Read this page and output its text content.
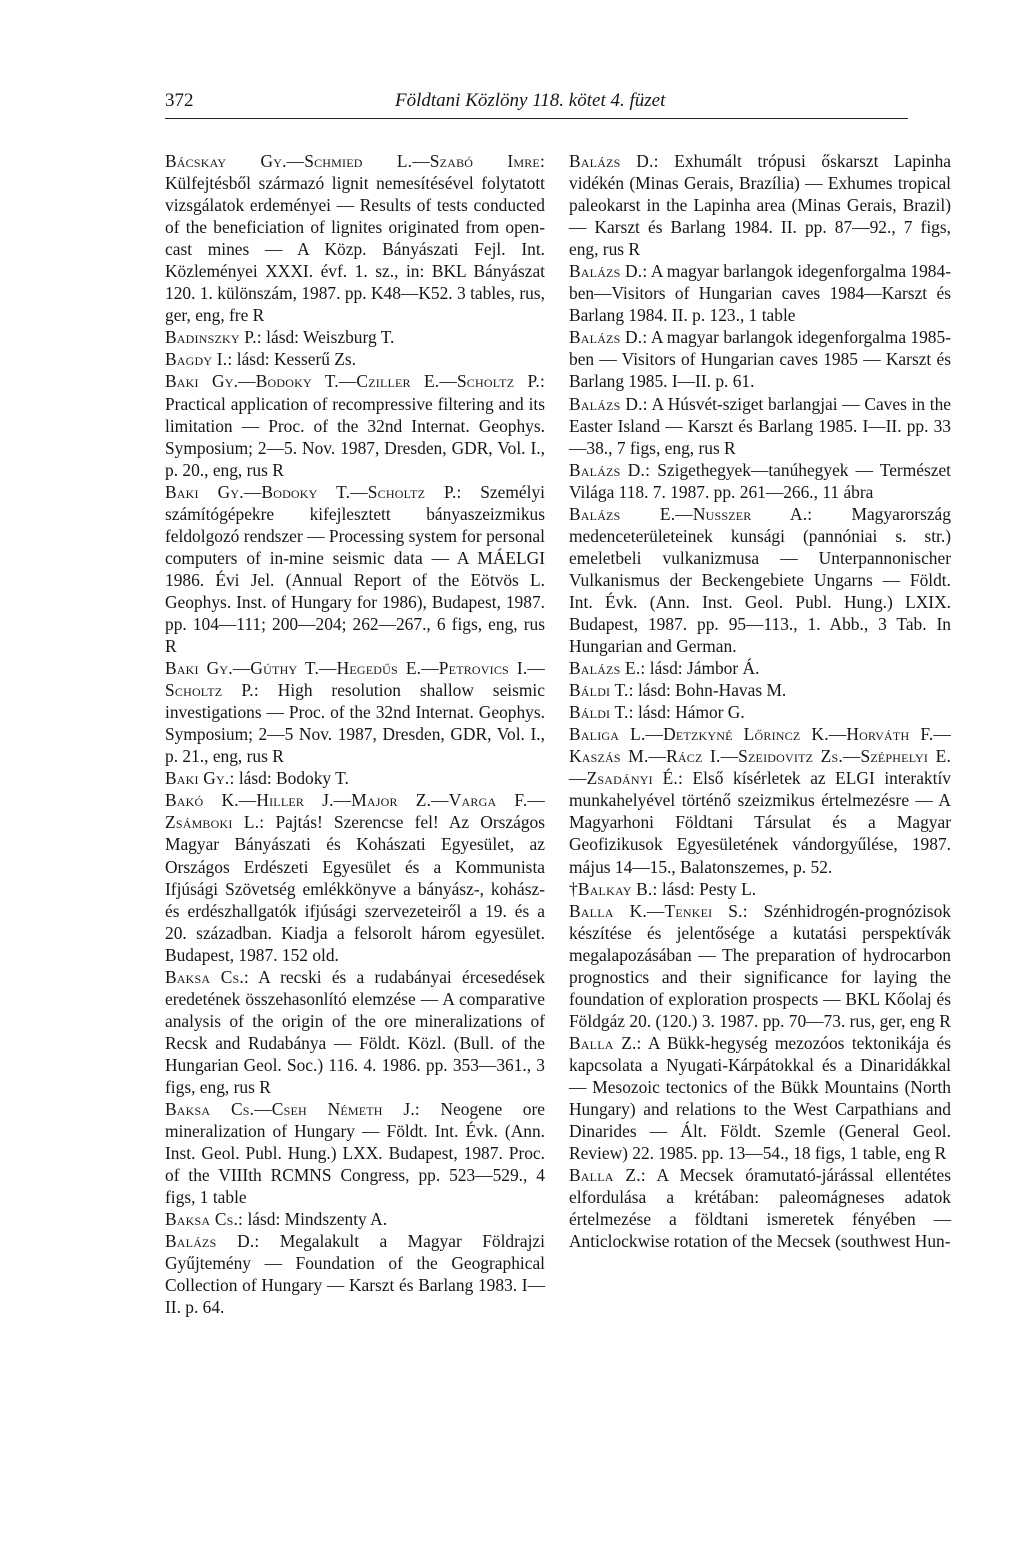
372	Földtani Közlöny 118. kötet 4. füzet

Bácskay Gy.—Schmied L.—Szabó Imre: Külfejtésből származó lignit nemesítésével folytatott vizsgálatok erdeményei — Results of tests conducted of the beneficiation of lignites originated from open-cast mines — A Közp. Bányászati Fejl. Int. Közleményei XXXI. évf. 1. sz., in: BKL Bányászat 120. 1. különszám, 1987. pp. K48—K52. 3 tables, rus, ger, eng, fre R

Badinszky P.: lásd: Weiszburg T.

Bagdy I.: lásd: Kesserű Zs.

Baki Gy.—Bodoky T.—Cziller E.—Scholtz P.: Practical application of recompressive filtering and its limitation — Proc. of the 32nd Internat. Geophys. Symposium; 2—5. Nov. 1987, Dresden, GDR, Vol. I., p. 20., eng, rus R

Baki Gy.—Bodoky T.—Scholtz P.: Személyi számítógépekre kifejlesztett bányaszeizmikus feldolgozó rendszer — Processing system for personal computers of in-mine seismic data — A MÁELGI 1986. Évi Jel. (Annual Report of the Eötvös L. Geophys. Inst. of Hungary for 1986), Budapest, 1987. pp. 104—111; 200—204; 262—267., 6 figs, eng, rus R

Baki Gy.—Gúthy T.—Hegedűs E.—Petrovics I.—Scholtz P.: High resolution shallow seismic investigations — Proc. of the 32nd Internat. Geophys. Symposium; 2—5 Nov. 1987, Dresden, GDR, Vol. I., p. 21., eng, rus R

Baki Gy.: lásd: Bodoky T.

Bakó K.—Hiller J.—Major Z.—Varga F.—Zsámboki L.: Pajtás! Szerencse fel! Az Országos Magyar Bányászati és Kohászati Egyesület, az Országos Erdészeti Egyesület és a Kommunista Ifjúsági Szövetség emlékkönyve a bányász-, kohász- és erdészhallgatók ifjúsági szervezeteiről a 19. és a 20. században. Kiadja a felsorolt három egyesület. Budapest, 1987. 152 old.

Baksa Cs.: A recski és a rudabányai ércesedések eredetének összehasonlító elemzése — A comparative analysis of the origin of the ore mineralizations of Recsk and Rudabánya — Földt. Közl. (Bull. of the Hungarian Geol. Soc.) 116. 4. 1986. pp. 353—361., 3 figs, eng, rus R

Baksa Cs.—Cseh Németh J.: Neogene ore mineralization of Hungary — Földt. Int. Évk. (Ann. Inst. Geol. Publ. Hung.) LXX. Budapest, 1987. Proc. of the VIIIth RCMNS Congress, pp. 523—529., 4 figs, 1 table

Baksa Cs.: lásd: Mindszenty A.

Balázs D.: Megalakult a Magyar Földrajzi Gyűjtemény — Foundation of the Geographical Collection of Hungary — Karszt és Barlang 1983. I—II. p. 64.

Balázs D.: Exhumált trópusi őskarszt Lapinha vidékén (Minas Gerais, Brazília) — Exhumes tropical paleokarst in the Lapinha area (Minas Gerais, Brazil) — Karszt és Barlang 1984. II. pp. 87—92., 7 figs, eng, rus R

Balázs D.: A magyar barlangok idegenforgalma 1984-ben—Visitors of Hungarian caves 1984—Karszt és Barlang 1984. II. p. 123., 1 table

Balázs D.: A magyar barlangok idegenforgalma 1985-ben — Visitors of Hungarian caves 1985 — Karszt és Barlang 1985. I—II. p. 61.

Balázs D.: A Húsvét-sziget barlangjai — Caves in the Easter Island — Karszt és Barlang 1985. I—II. pp. 33—38., 7 figs, eng, rus R

Balázs D.: Szigethegyek—tanúhegyek — Természet Világa 118. 7. 1987. pp. 261—266., 11 ábra

Balázs E.—Nusszer A.: Magyarország medenceterületeinek kunsági (pannóniai s. str.) emeletbeli vulkanizmusa — Unterpannonischer Vulkanismus der Beckengebiete Ungarns — Földt. Int. Évk. (Ann. Inst. Geol. Publ. Hung.) LXIX. Budapest, 1987. pp. 95—113., 1. Abb., 3 Tab. In Hungarian and German.

Balázs E.: lásd: Jámbor Á.

Báldi T.: lásd: Bohn-Havas M.

Báldi T.: lásd: Hámor G.

Baliga L.—Detzkyné Lőrincz K.—Horváth F.—Kaszás M.—Rácz I.—Szeidovitz Zs.—Széphelyi E.—Zsadányi É.: Első kísérletek az ELGI interaktív munkahelyével történő szeizmikus értelmezésre — A Magyarhoni Földtani Társulat és a Magyar Geofizikusok Egyesületének vándorgyűlése, 1987. május 14—15., Balatonszemes, p. 52.

†Balkay B.: lásd: Pesty L.

Balla K.—Tenkei S.: Szénhidrogén-prognózisok készítése és jelentősége a kutatási perspektívák megalapozásában — The preparation of hydrocarbon prognostics and their significance for laying the foundation of exploration prospects — BKL Kőolaj és Földgáz 20. (120.) 3. 1987. pp. 70—73. rus, ger, eng R

Balla Z.: A Bükk-hegység mezozóos tektonikája és kapcsolata a Nyugati-Kárpátokkal és a Dinaridákkal — Mesozoic tectonics of the Bükk Mountains (North Hungary) and relations to the West Carpathians and Dinarides — Ált. Földt. Szemle (General Geol. Review) 22. 1985. pp. 13—54., 18 figs, 1 table, eng R

Balla Z.: A Mecsek óramutató-járással ellentétes elfordulása a krétában: paleomágneses adatok értelmezése a földtani ismeretek fényében — Anticlockwise rotation of the Mecsek (southwest Hun-
